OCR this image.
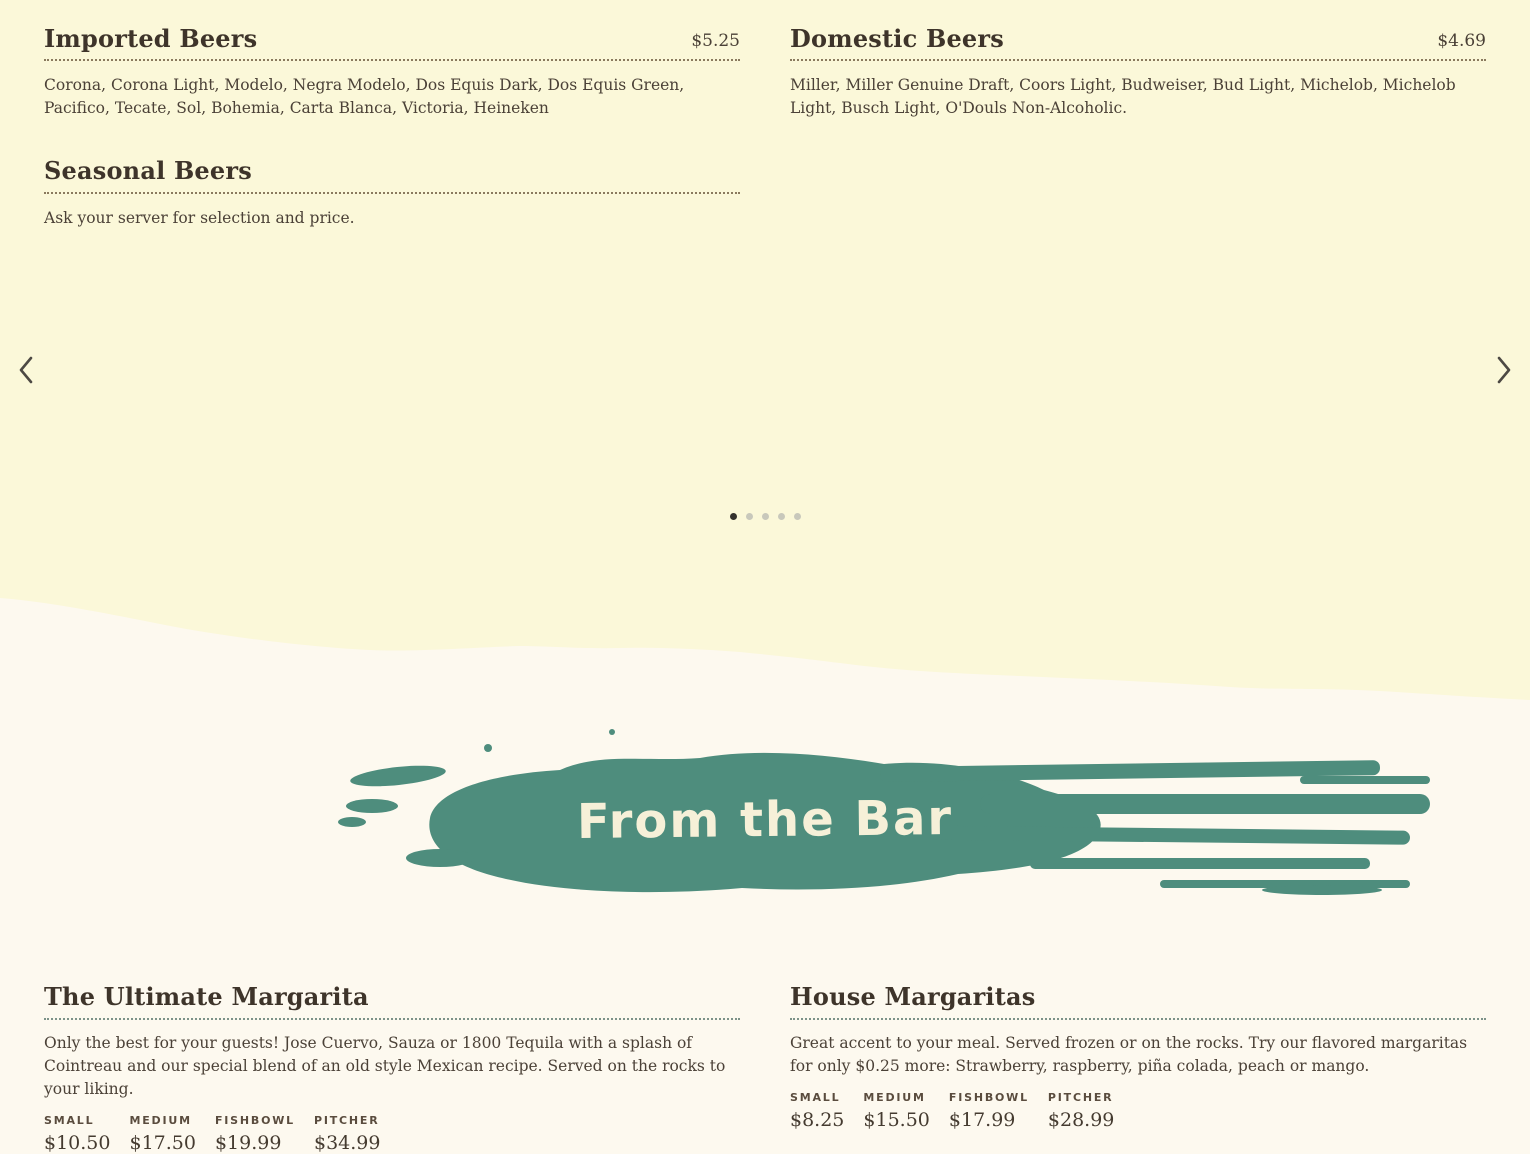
Imported Beers	$5.25

Corona, Corona Light, Modelo, Negra Modelo, Dos Equis Dark, Dos Equis Green, Pacifico, Tecate, Sol, Bohemia, Carta Blanca, Victoria, Heineken

Seasonal Beers

Ask your server for selection and price.

Domestic Beers	$4.69

Miller, Miller Genuine Draft, Coors Light, Budweiser, Bud Light, Michelob, Michelob Light, Busch Light, O'Douls Non-Alcoholic.

From the Bar
The Ultimate Margarita

Only the best for your guests! Jose Cuervo, Sauza or 1800 Tequila with a splash of Cointreau and our special blend of an old style Mexican recipe. Served on the rocks to your liking.

SMALL
$10.50
MEDIUM
$17.50
FISHBOWL
$19.99
PITCHER
$34.99
House Margaritas

Great accent to your meal. Served frozen or on the rocks. Try our flavored margaritas for only $0.25 more: Strawberry, raspberry, piña colada, peach or mango.

SMALL
$8.25
MEDIUM
$15.50
FISHBOWL
$17.99
PITCHER
$28.99
